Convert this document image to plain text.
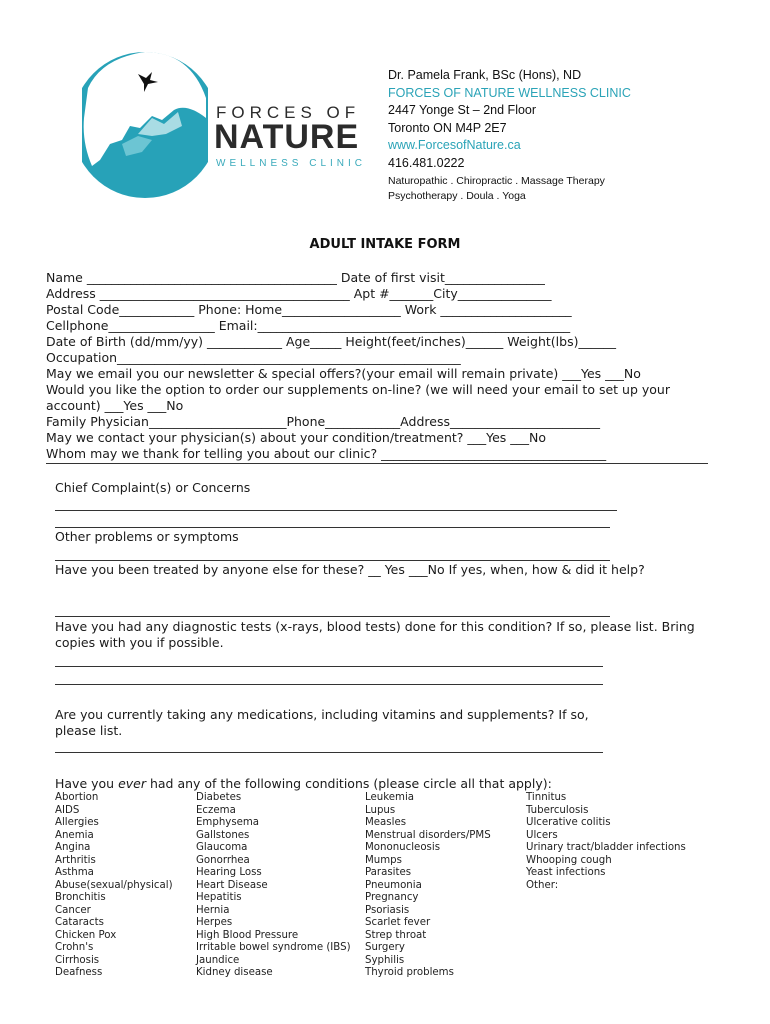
FORCES OF
NATURE
WELLNESS CLINIC
Dr. Pamela Frank, BSc (Hons), ND
FORCES OF NATURE WELLNESS CLINIC
2447 Yonge St – 2nd Floor
Toronto ON M4P 2E7
www.ForcesofNature.ca
416.481.0222
Naturopathic . Chiropractic . Massage Therapy
Psychotherapy . Doula . Yoga
ADULT INTAKE FORM
Name ________________________________________ Date of first visit________________
Address ________________________________________ Apt #_______City_______________
Postal Code____________ Phone: Home___________________ Work _____________________
Cellphone_________________ Email:__________________________________________________
Date of Birth (dd/mm/yy) ____________ Age_____ Height(feet/inches)______ Weight(lbs)______
Occupation_______________________________________________________
May we email you our newsletter & special offers?(your email will remain private) ___Yes ___No
Would you like the option to order our supplements on-line? (we will need your email to set up your
account) ___Yes ___No
Family Physician______________________Phone____________Address________________________
May we contact your physician(s) about your condition/treatment? ___Yes ___No
Whom may we thank for telling you about our clinic? ____________________________________
Chief Complaint(s) or Concerns
Other problems or symptoms
Have you been treated by anyone else for these? __ Yes ___No If yes, when, how & did it help?
Have you had any diagnostic tests (x-rays, blood tests) done for this condition? If so, please list. Bring
copies with you if possible.
Are you currently taking any medications, including vitamins and supplements? If so,
please list.
Have you ever had any of the following conditions (please circle all that apply):
Abortion
AIDS
Allergies
Anemia
Angina
Arthritis
Asthma
Abuse(sexual/physical)
Bronchitis
Cancer
Cataracts
Chicken Pox
Crohn's
Cirrhosis
Deafness
Diabetes
Eczema
Emphysema
Gallstones
Glaucoma
Gonorrhea
Hearing Loss
Heart Disease
Hepatitis
Hernia
Herpes
High Blood Pressure
Irritable bowel syndrome (IBS)
Jaundice
Kidney disease
Leukemia
Lupus
Measles
Menstrual disorders/PMS
Mononucleosis
Mumps
Parasites
Pneumonia
Pregnancy
Psoriasis
Scarlet fever
Strep throat
Surgery
Syphilis
Thyroid problems
Tinnitus
Tuberculosis
Ulcerative colitis
Ulcers
Urinary tract/bladder infections
Whooping cough
Yeast infections
Other:
